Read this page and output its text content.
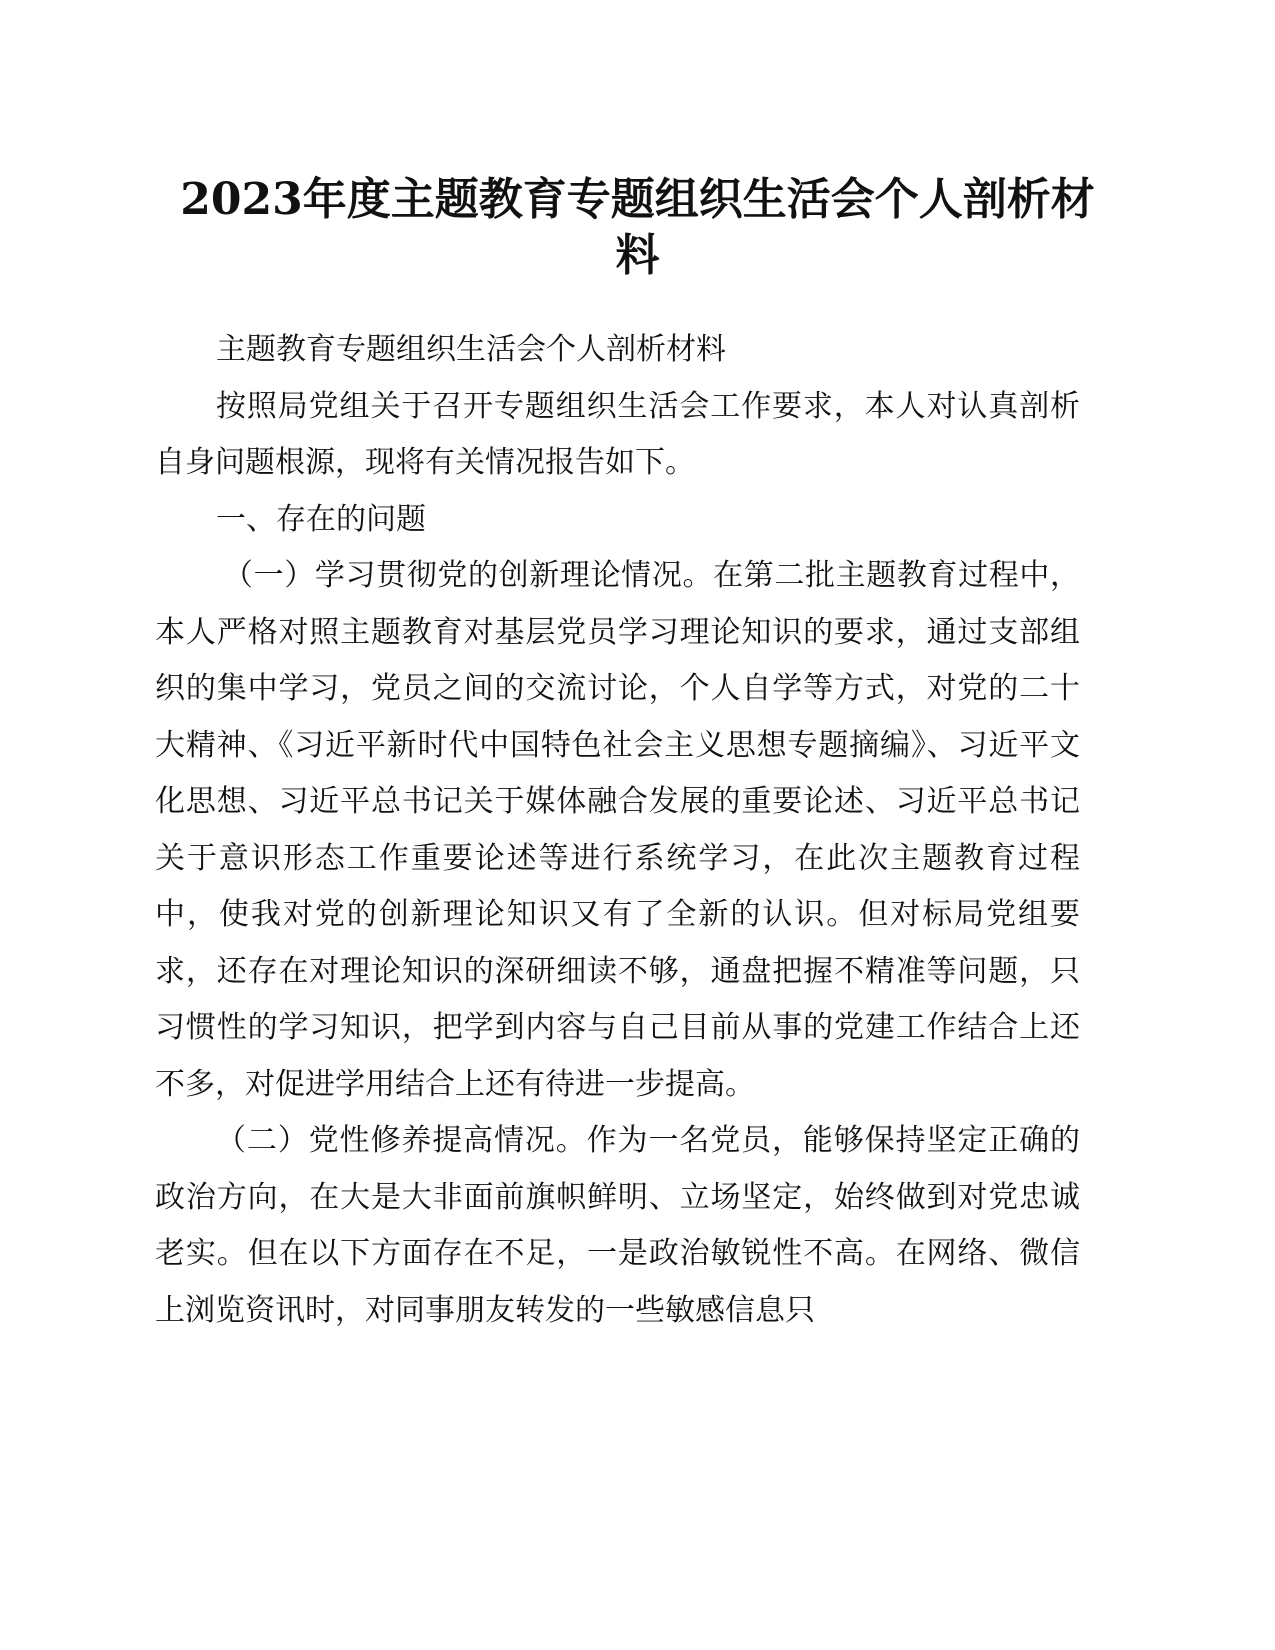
2023年度主题教育专题组织生活会个人剖析材
料

主题教育专题组织生活会个人剖析材料

按照局党组关于召开专题组织生活会工作要求，本人对认真剖析自身问题根源，现将有关情况报告如下。

一、存在的问题

（一）学习贯彻党的创新理论情况。在第二批主题教育过程中，本人严格对照主题教育对基层党员学习理论知识的要求，通过支部组织的集中学习，党员之间的交流讨论，个人自学等方式，对党的二十大精神、《习近平新时代中国特色社会主义思想专题摘编》、习近平文化思想、习近平总书记关于媒体融合发展的重要论述、习近平总书记关于意识形态工作重要论述等进行系统学习，在此次主题教育过程中，使我对党的创新理论知识又有了全新的认识。但对标局党组要求，还存在对理论知识的深研细读不够，通盘把握不精准等问题，只习惯性的学习知识，把学到内容与自己目前从事的党建工作结合上还不多，对促进学用结合上还有待进一步提高。

（二）党性修养提高情况。作为一名党员，能够保持坚定正确的政治方向，在大是大非面前旗帜鲜明、立场坚定，始终做到对党忠诚老实。但在以下方面存在不足，一是政治敏锐性不高。在网络、微信上浏览资讯时，对同事朋友转发的一些敏感信息只
